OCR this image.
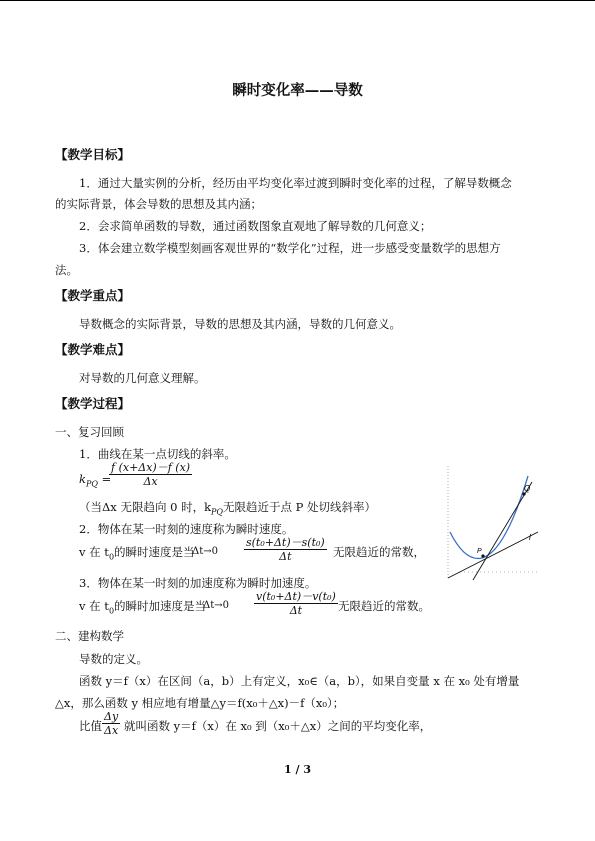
瞬时变化率——导数
【教学目标】
1．通过大量实例的分析，经历由平均变化率过渡到瞬时变化率的过程，了解导数概念
的实际背景，体会导数的思想及其内涵；
2．会求简单函数的导数，通过函数图象直观地了解导数的几何意义；
3．体会建立数学模型刻画客观世界的“数学化”过程，进一步感受变量数学的思想方
法。
【教学重点】
导数概念的实际背景，导数的思想及其内涵，导数的几何意义。
【教学难点】
对导数的几何意义理解。
【教学过程】
一、复习回顾
1．曲线在某一点切线的斜率。
$k_{PQ}$ =
$\frac{f (x+\Delta x)-f (x)}{\Delta x}$
（当Δx 无限趋向 0 时，$k_{PQ}$无限趋近于点 P 处切线斜率）
2．物体在某一时刻的速度称为瞬时速度。
v 在 $t_0$的瞬时速度是当
$\Delta t\to 0 \frac{\text{s(t₀+Δt)－s(t₀)}}{\Delta t}$ 无限趋近的常数，
3．物体在某一时刻的加速度称为瞬时加速度。
v 在 $t_0$的瞬时加速度是当
$\Delta t\to 0 \frac{\text{v(t₀+Δt)－v(t₀)}}{\Delta t}$ 无限趋近的常数。
二、建构数学
导数的定义。
函数 y＝f（x）在区间（a，b）上有定义，x₀∈（a，b），如果自变量 x 在 x₀ 处有增量
△x，那么函数 y 相应地有增量△y＝f(x₀＋△x)－f（x₀）；
比值 $\frac{\Delta y}{\Delta x}$ 就叫函数 y＝f（x）在 x₀ 到（x₀＋△x）之间的平均变化率，
Q
P
l
1 / 3
